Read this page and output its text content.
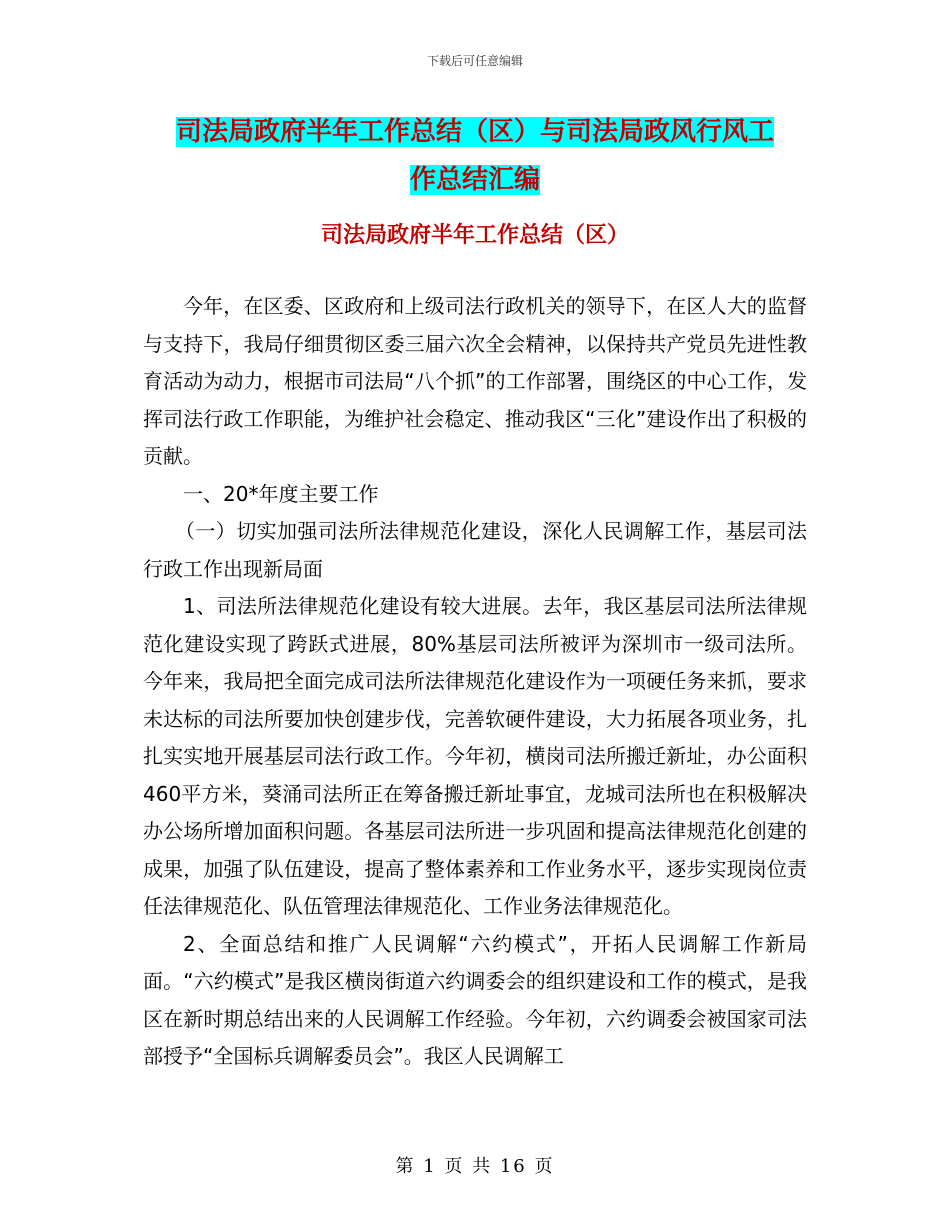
下载后可任意编辑
司法局政府半年工作总结（区）与司法局政风行风工
作总结汇编
司法局政府半年工作总结（区）

今年，在区委、区政府和上级司法行政机关的领导下，在区人大的监督与支持下，我局仔细贯彻区委三届六次全会精神，以保持共产党员先进性教育活动为动力，根据市司法局“八个抓”的工作部署，围绕区的中心工作，发挥司法行政工作职能，为维护社会稳定、推动我区“三化”建设作出了积极的贡献。

一、20*年度主要工作

（一）切实加强司法所法律规范化建设，深化人民调解工作，基层司法行政工作出现新局面

1、司法所法律规范化建设有较大进展。去年，我区基层司法所法律规范化建设实现了跨跃式进展，80%基层司法所被评为深圳市一级司法所。今年来，我局把全面完成司法所法律规范化建设作为一项硬任务来抓，要求未达标的司法所要加快创建步伐，完善软硬件建设，大力拓展各项业务，扎扎实实地开展基层司法行政工作。今年初，横岗司法所搬迁新址，办公面积460平方米，葵涌司法所正在筹备搬迁新址事宜，龙城司法所也在积极解决办公场所增加面积问题。各基层司法所进一步巩固和提高法律规范化创建的成果，加强了队伍建设，提高了整体素养和工作业务水平，逐步实现岗位责任法律规范化、队伍管理法律规范化、工作业务法律规范化。

2、全面总结和推广人民调解“六约模式”，开拓人民调解工作新局面。“六约模式”是我区横岗街道六约调委会的组织建设和工作的模式，是我区在新时期总结出来的人民调解工作经验。今年初，六约调委会被国家司法部授予“全国标兵调解委员会”。我区人民调解工

第 1 页 共 16 页
